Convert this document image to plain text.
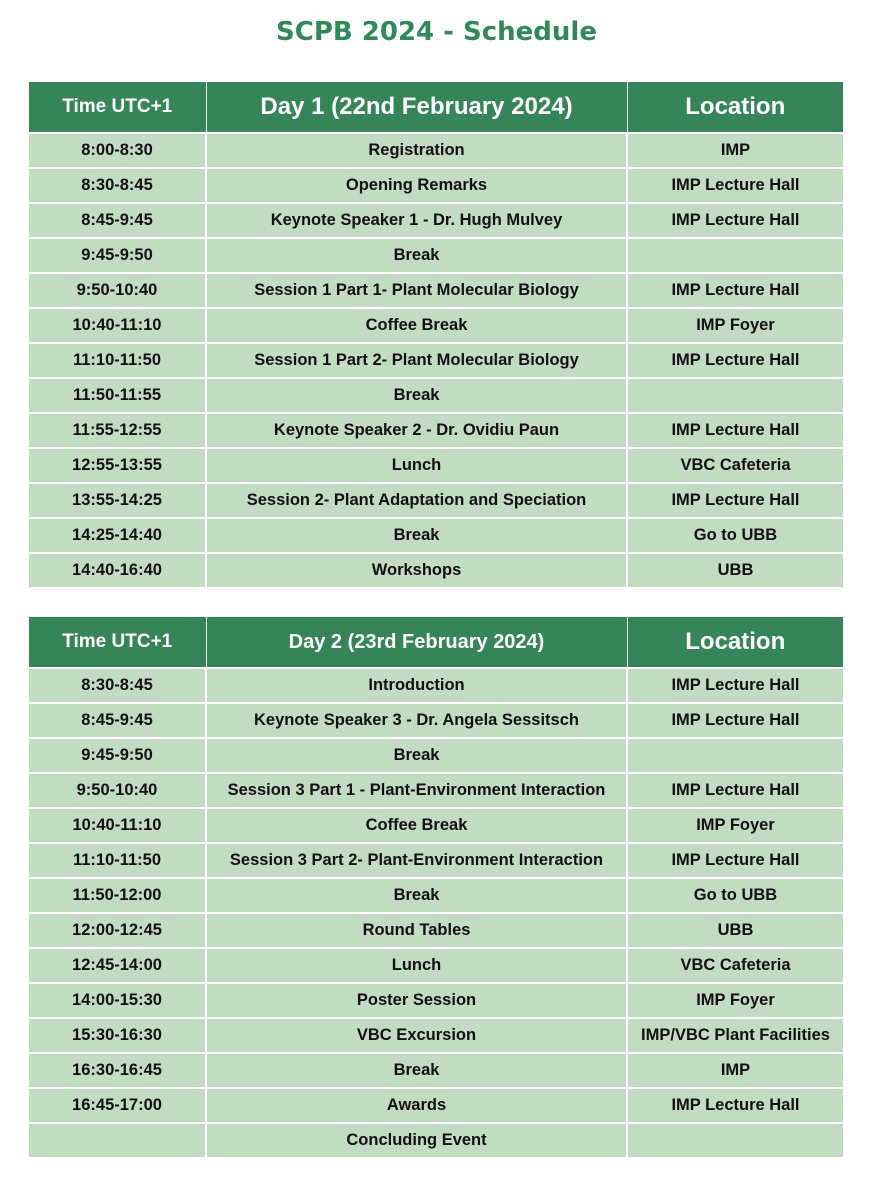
SCPB 2024 - Schedule
Time UTC+1	Day 1 (22nd February 2024)	Location
8:00-8:30	Registration	IMP
8:30-8:45	Opening Remarks	IMP Lecture Hall
8:45-9:45	Keynote Speaker 1 - Dr. Hugh Mulvey	IMP Lecture Hall
9:45-9:50	Break	
9:50-10:40	Session 1 Part 1- Plant Molecular Biology	IMP Lecture Hall
10:40-11:10	Coffee Break	IMP Foyer
11:10-11:50	Session 1 Part 2- Plant Molecular Biology	IMP Lecture Hall
11:50-11:55	Break	
11:55-12:55	Keynote Speaker 2 - Dr. Ovidiu Paun	IMP Lecture Hall
12:55-13:55	Lunch	VBC Cafeteria
13:55-14:25	Session 2- Plant Adaptation and Speciation	IMP Lecture Hall
14:25-14:40	Break	Go to UBB
14:40-16:40	Workshops	UBB
Time UTC+1	Day 2 (23rd February 2024)	Location
8:30-8:45	Introduction	IMP Lecture Hall
8:45-9:45	Keynote Speaker 3 - Dr. Angela Sessitsch	IMP Lecture Hall
9:45-9:50	Break	
9:50-10:40	Session 3 Part 1 - Plant-Environment Interaction	IMP Lecture Hall
10:40-11:10	Coffee Break	IMP Foyer
11:10-11:50	Session 3 Part 2- Plant-Environment Interaction	IMP Lecture Hall
11:50-12:00	Break	Go to UBB
12:00-12:45	Round Tables	UBB
12:45-14:00	Lunch	VBC Cafeteria
14:00-15:30	Poster Session	IMP Foyer
15:30-16:30	VBC Excursion	IMP/VBC Plant Facilities
16:30-16:45	Break	IMP
16:45-17:00	Awards	IMP Lecture Hall
	Concluding Event	
